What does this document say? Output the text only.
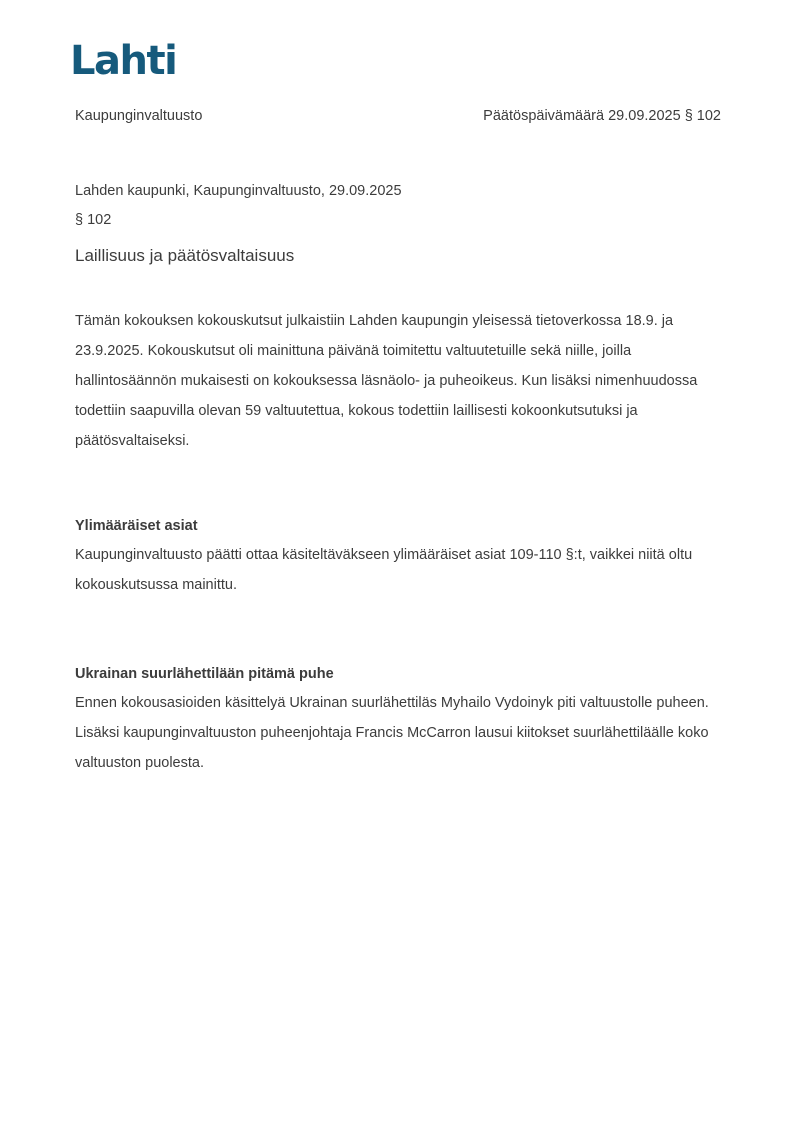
Lahti
Kaupunginvaltuusto	Päätöspäivämäärä 29.09.2025 § 102
Lahden kaupunki, Kaupunginvaltuusto, 29.09.2025
§ 102
Laillisuus ja päätösvaltaisuus
Tämän kokouksen kokouskutsut julkaistiin Lahden kaupungin yleisessä tietoverkossa 18.9. ja 23.9.2025. Kokouskutsut oli mainittuna päivänä toimitettu valtuutetuille sekä niille, joilla hallintosäännön mukaisesti on kokouksessa läsnäolo- ja puheoikeus. Kun lisäksi nimenhuudossa todettiin saapuvilla olevan 59 valtuutettua, kokous todettiin laillisesti kokoonkutsutuksi ja päätösvaltaiseksi.
Ylimääräiset asiat
Kaupunginvaltuusto päätti ottaa käsiteltäväkseen ylimääräiset asiat 109-110 §:t, vaikkei niitä oltu kokouskutsussa mainittu.
Ukrainan suurlähettilään pitämä puhe
Ennen kokousasioiden käsittelyä Ukrainan suurlähettiläs Myhailo Vydoinyk piti valtuustolle puheen. Lisäksi kaupunginvaltuuston puheenjohtaja Francis McCarron lausui kiitokset suurlähettiläälle koko valtuuston puolesta.
